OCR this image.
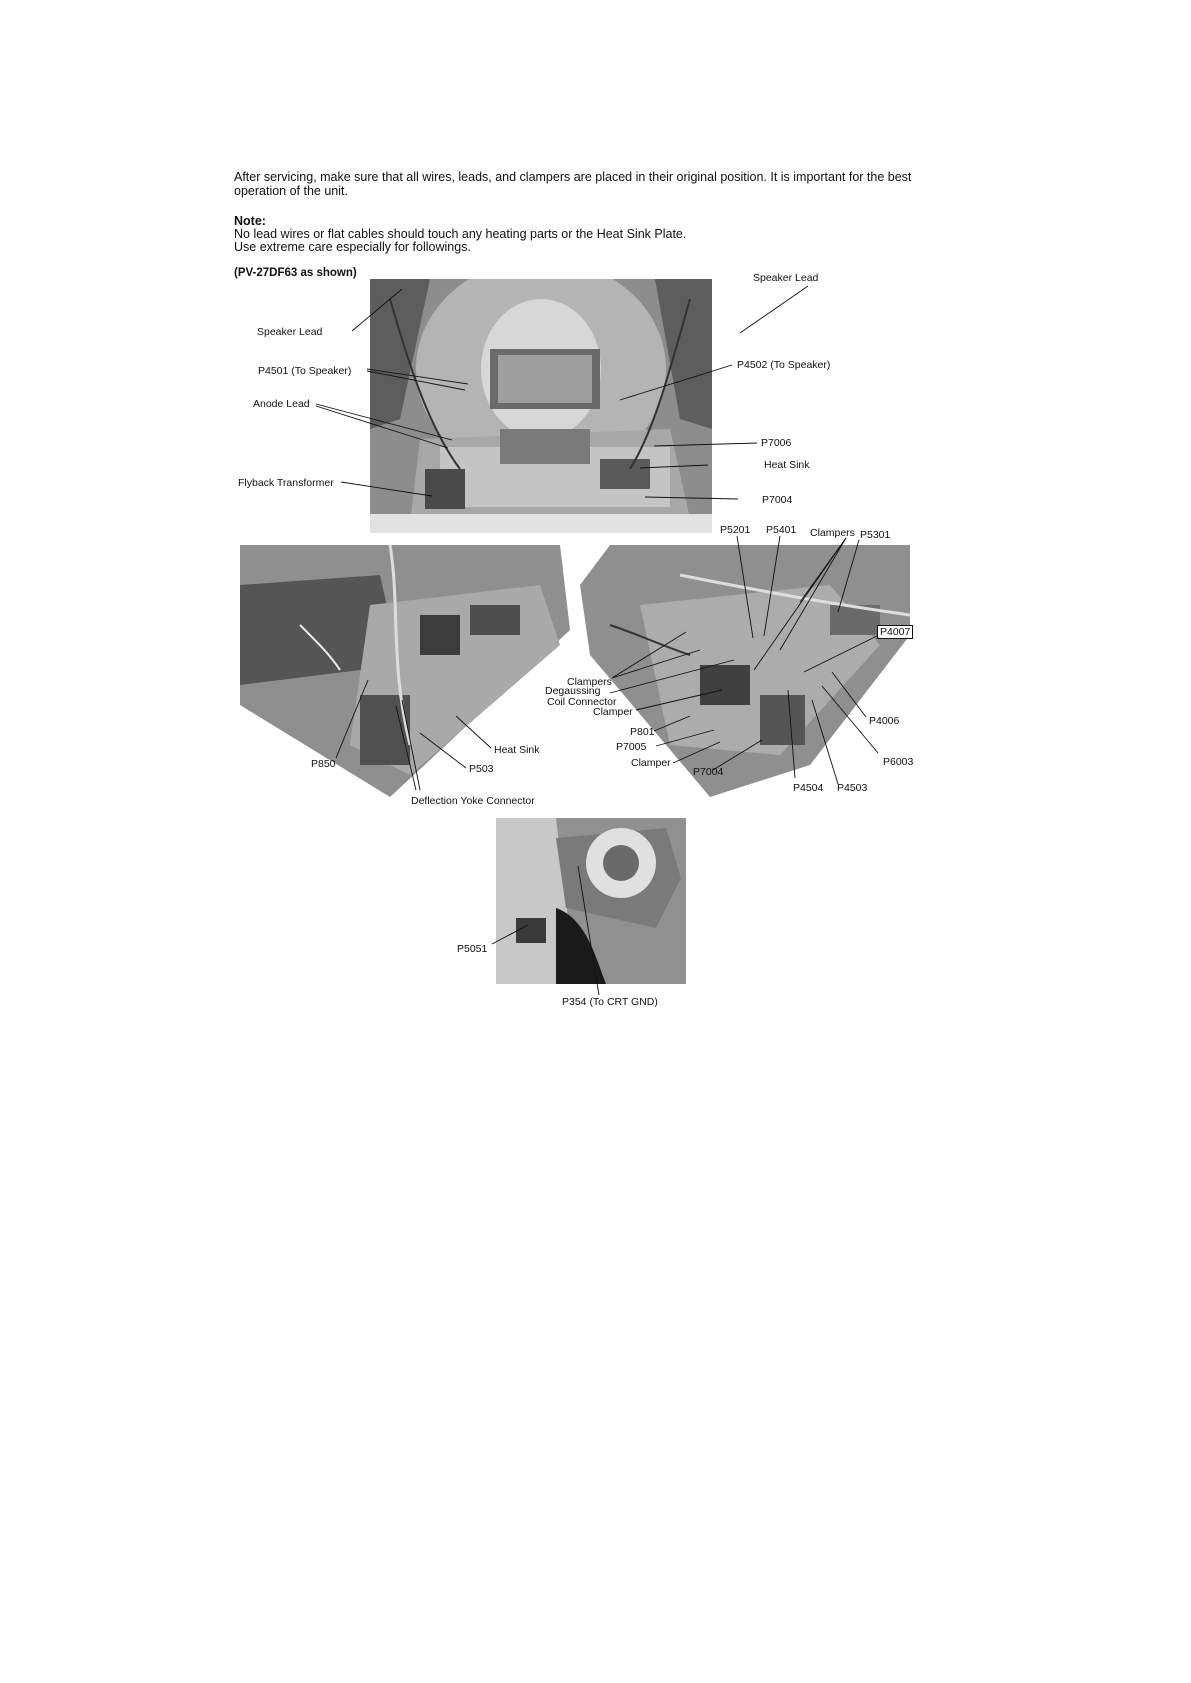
After servicing, make sure that all wires, leads, and clampers are placed in their original position. It is important for the best
operation of the unit.
Note:
No lead wires or flat cables should touch any heating parts or the Heat Sink Plate.
Use extreme care especially for followings.
(PV-27DF63 as shown)
Speaker Lead
P4501 (To Speaker)
Anode Lead
Flyback Transformer
Speaker Lead
P4502 (To Speaker)
P7006
Heat Sink
P7004
P850
Deflection Yoke Connector
P503
Heat Sink
P5201 P5401 Clampers P5301
P4007
Clampers
Degaussing
Coil Connector
Clamper
P801
P7005
Clamper
P7004
P4504 P4503
P4006
P6003
P5051
P354 (To CRT GND)
